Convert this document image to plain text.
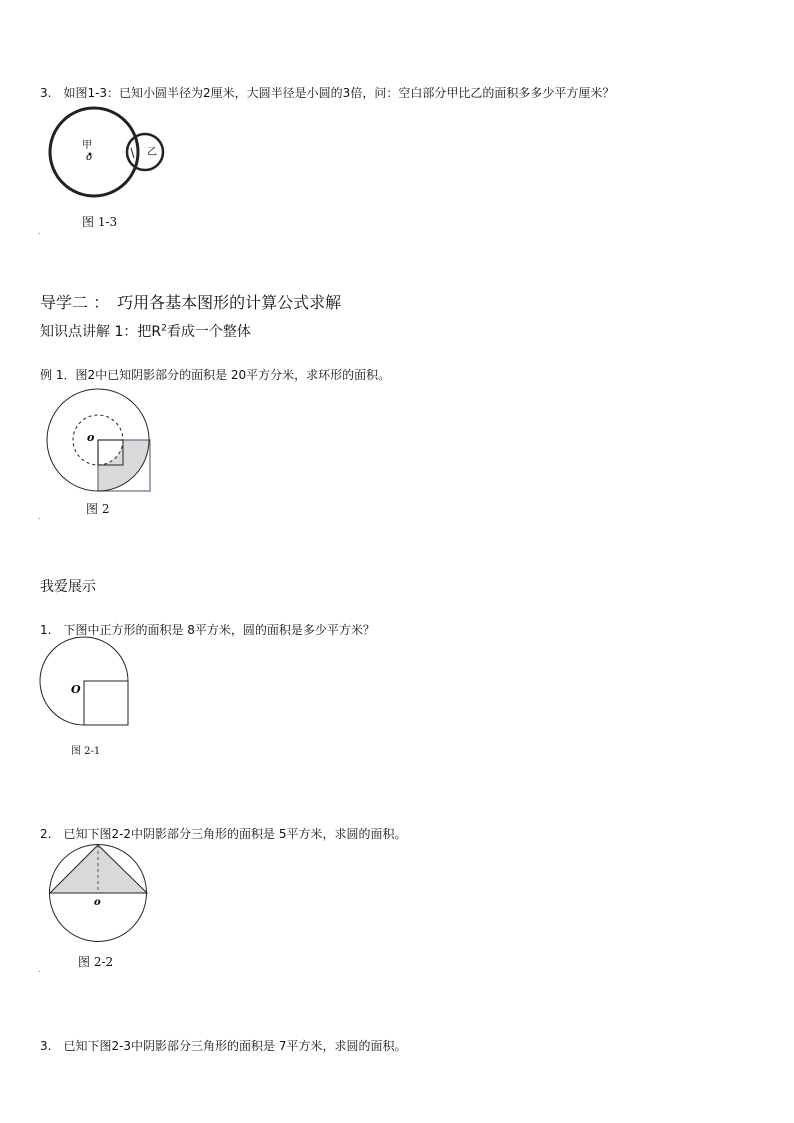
3.　如图1-3：已知小圆半径为2厘米，大圆半径是小圆的3倍，问：空白部分甲比乙的面积多多少平方厘米？
甲
o	乙
图 1-3
.
导学二 ：　巧用各基本图形的计算公式求解
知识点讲解 1：把$R^2$看成一个整体
例 1．图2中已知阴影部分的面积是 20平方分米，求环形的面积。
o
图 2
.
我爱展示
1.　下图中正方形的面积是 8平方米，圆的面积是多少平方米？
O
图 2-1
2.　已知下图2-2中阴影部分三角形的面积是 5平方米，求圆的面积。
o
图 2-2
.
3.　已知下图2-3中阴影部分三角形的面积是 7平方米，求圆的面积。
